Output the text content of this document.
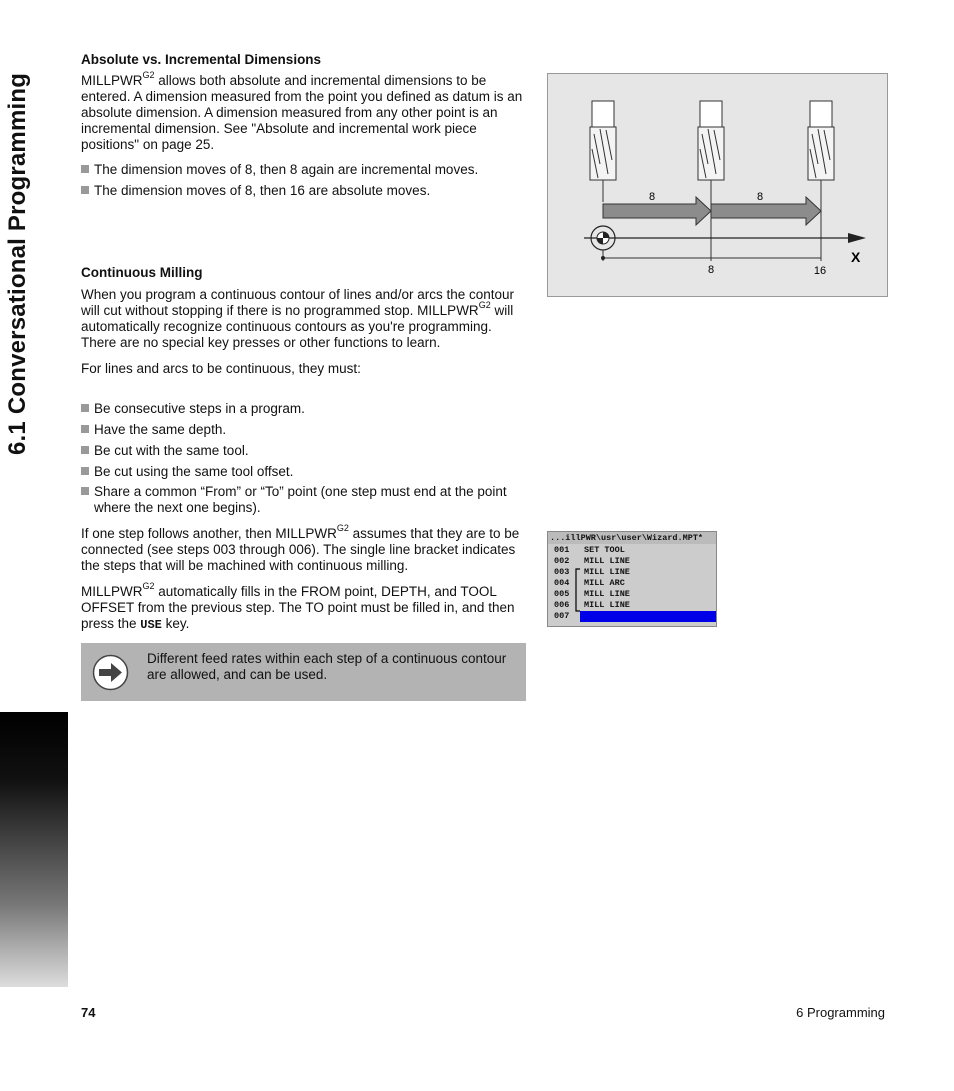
6.1 Conversational Programming
Absolute vs. Incremental Dimensions

$MILLPWR^{G2}$ allows both absolute and incremental dimensions to be entered. A dimension measured from the point you defined as datum is an absolute dimension. A dimension measured from any other point is an incremental dimension. See "Absolute and incremental work piece positions" on page 25.

The dimension moves of 8, then 8 again are incremental moves.
The dimension moves of 8, then 16 are absolute moves.
Continuous Milling

When you program a continuous contour of lines and/or arcs the contour will cut without stopping if there is no programmed stop. $MILLPWR^{G2}$ will automatically recognize continuous contours as you're programming. There are no special key presses or other functions to learn.

For lines and arcs to be continuous, they must:

Be consecutive steps in a program.
Have the same depth.
Be cut with the same tool.
Be cut using the same tool offset.
Share a common “From” or “To” point (one step must end at the point where the next one begins).

If one step follows another, then $MILLPWR^{G2}$ assumes that they are to be connected (see steps 003 through 006). The single line bracket indicates the steps that will be machined with continuous milling.

$MILLPWR^{G2}$ automatically fills in the FROM point, DEPTH, and TOOL OFFSET from the previous step. The TO point must be filled in, and then press the USE key.

Different feed rates within each step of a continuous contour are allowed, and can be used.
8	8
X
8	16
...illPWR\usr\user\Wizard.MPT*
001 SET TOOL
002 MILL LINE
003 MILL LINE
004 MILL ARC
005 MILL LINE
006 MILL LINE
007
74	6 Programming
